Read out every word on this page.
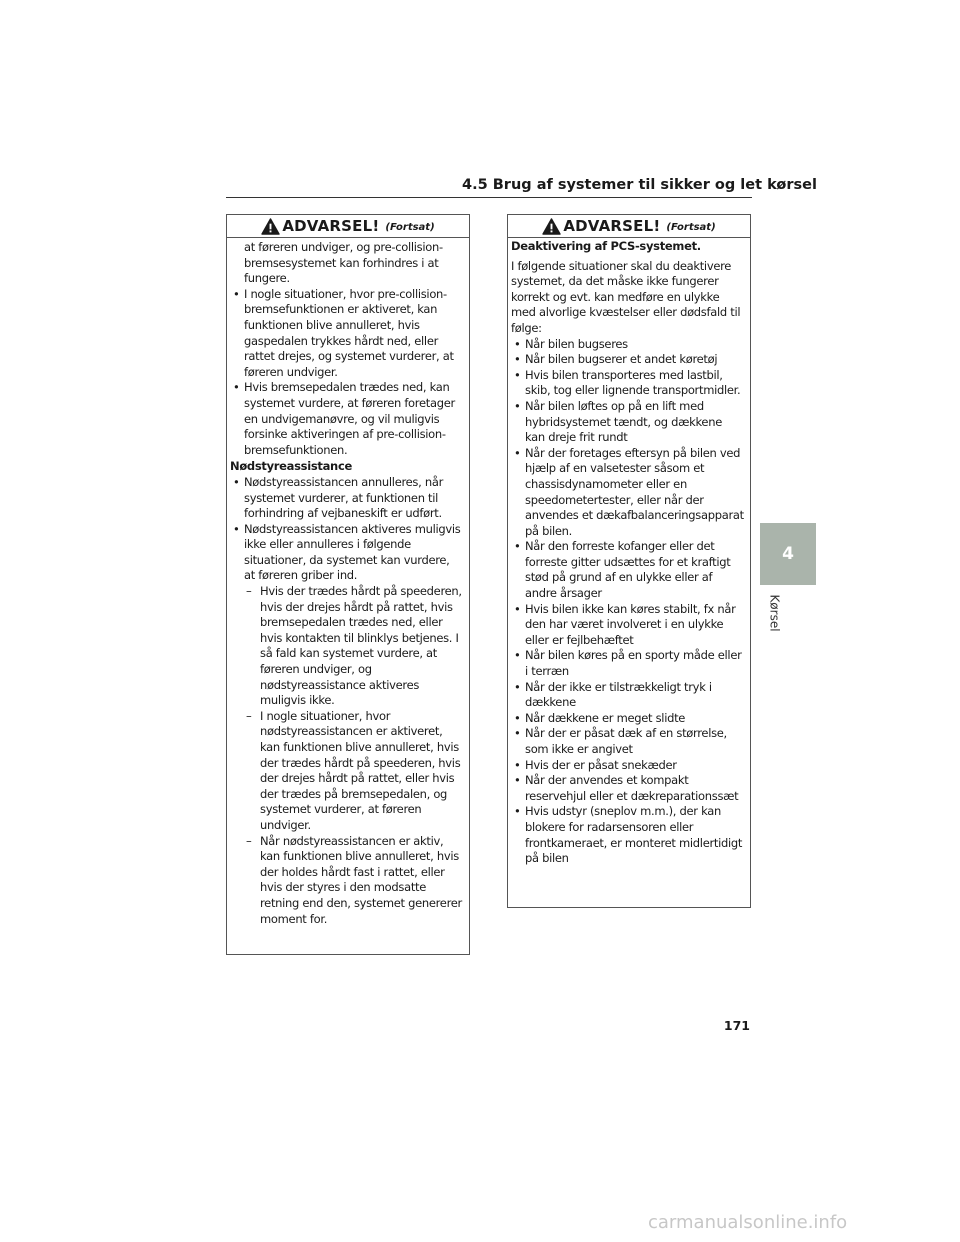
4.5 Brug af systemer til sikker og let kørsel
ADVARSEL! (Fortsat)

at føreren undviger, og pre-collision-bremsesystemet kan forhindres i at fungere.

• I nogle situationer, hvor pre-collision-bremsefunktionen er aktiveret, kan funktionen blive annulleret, hvis gaspedalen trykkes hårdt ned, eller rattet drejes, og systemet vurderer, at føreren undviger.

• Hvis bremsepedalen trædes ned, kan systemet vurdere, at føreren foretager en undvigemanøvre, og vil muligvis forsinke aktiveringen af pre-collision-bremsefunktionen.

Nødstyreassistance

• Nødstyreassistancen annulleres, når systemet vurderer, at funktionen til forhindring af vejbaneskift er udført.

• Nødstyreassistancen aktiveres muligvis ikke eller annulleres i følgende situationer, da systemet kan vurdere, at føreren griber ind.

– Hvis der trædes hårdt på speederen, hvis der drejes hårdt på rattet, hvis bremsepedalen trædes ned, eller hvis kontakten til blinklys betjenes. I så fald kan systemet vurdere, at føreren undviger, og nødstyreassistance aktiveres muligvis ikke.

– I nogle situationer, hvor nødstyreassistancen er aktiveret, kan funktionen blive annulleret, hvis der trædes hårdt på speederen, hvis der drejes hårdt på rattet, eller hvis der trædes på bremsepedalen, og systemet vurderer, at føreren undviger.

– Når nødstyreassistancen er aktiv, kan funktionen blive annulleret, hvis der holdes hårdt fast i rattet, eller hvis der styres i den modsatte retning end den, systemet genererer moment for.

ADVARSEL! (Fortsat)

Deaktivering af PCS-systemet.

I følgende situationer skal du deaktivere systemet, da det måske ikke fungerer korrekt og evt. kan medføre en ulykke med alvorlige kvæstelser eller dødsfald til følge:

• Når bilen bugseres

• Når bilen bugserer et andet køretøj

• Hvis bilen transporteres med lastbil, skib, tog eller lignende transportmidler.

• Når bilen løftes op på en lift med hybridsystemet tændt, og dækkene kan dreje frit rundt

• Når der foretages eftersyn på bilen ved hjælp af en valsetester såsom et chassisdynamometer eller en speedometertester, eller når der anvendes et dækafbalanceringsapparat på bilen.

• Når den forreste kofanger eller det forreste gitter udsættes for et kraftigt stød på grund af en ulykke eller af andre årsager

• Hvis bilen ikke kan køres stabilt, fx når den har været involveret i en ulykke eller er fejlbehæftet

• Når bilen køres på en sporty måde eller i terræn

• Når der ikke er tilstrækkeligt tryk i dækkene

• Når dækkene er meget slidte

• Når der er påsat dæk af en størrelse, som ikke er angivet

• Hvis der er påsat snekæder

• Når der anvendes et kompakt reservehjul eller et dækreparationssæt

• Hvis udstyr (sneplov m.m.), der kan blokere for radarsensoren eller frontkameraet, er monteret midlertidigt på bilen

4
Kørsel
171
carmanualsonline.info
